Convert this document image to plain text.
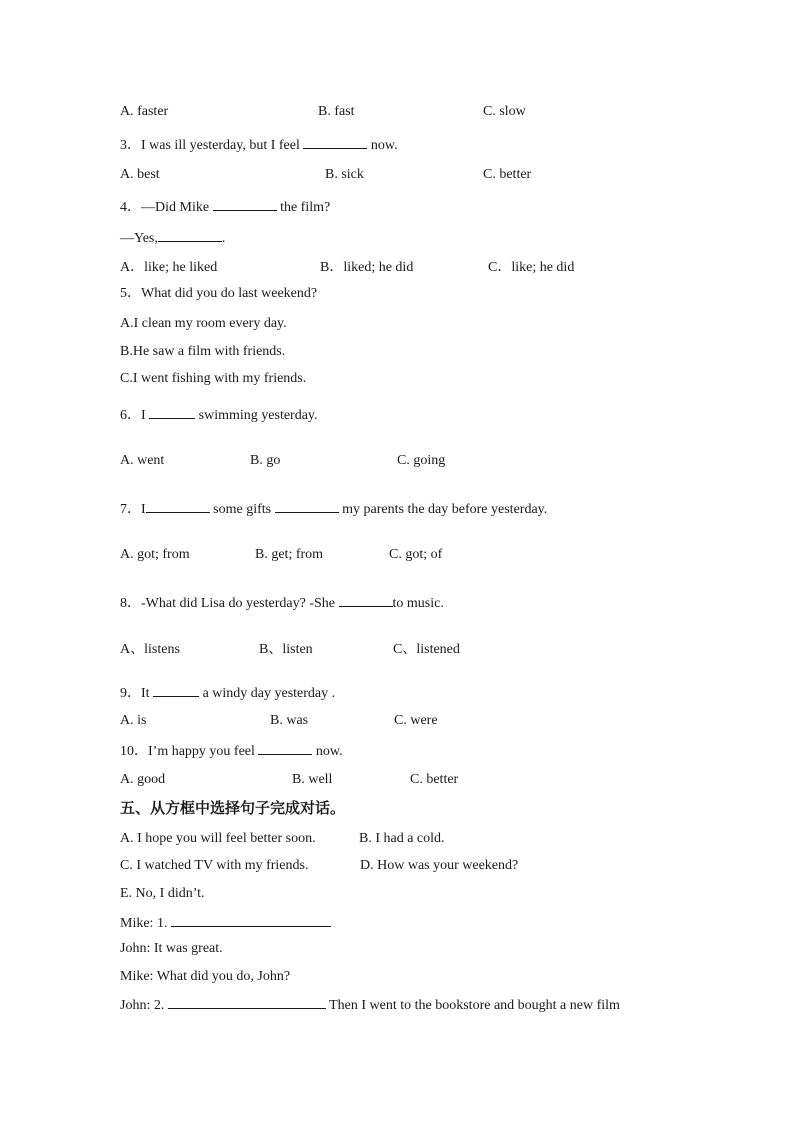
A. faster	B. fast	C. slow
3．I was ill yesterday, but I feel	now.
A. best	B. sick	C. better
4．—Did Mike	the film?
—Yes,	.
A．like; he liked	B．liked; he did	C．like; he did
5．What did you do last weekend?
A.I clean my room every day.
B.He saw a film with friends.
C.I went fishing with my friends.
6．I	swimming yesterday.
A. went	B. go	C. going
7．I	some gifts	my parents the day before yesterday.
A. got; from	B. get; from	C. got; of
8．-What did Lisa do yesterday? -She	to music.
A、listens	B、listen	C、listened
9．It	a windy day yesterday .
A. is	B. was	C. were
10．I’m happy you feel	now.
A. good	B. well	C. better
五、从方框中选择句子完成对话。
A. I hope you will feel better soon.	B. I had a cold.
C. I watched TV with my friends.	D. How was your weekend?
E. No, I didn’t.
Mike: 1.
John: It was great.
Mike: What did you do, John?
John: 2.	Then I went to the bookstore and bought a new film
